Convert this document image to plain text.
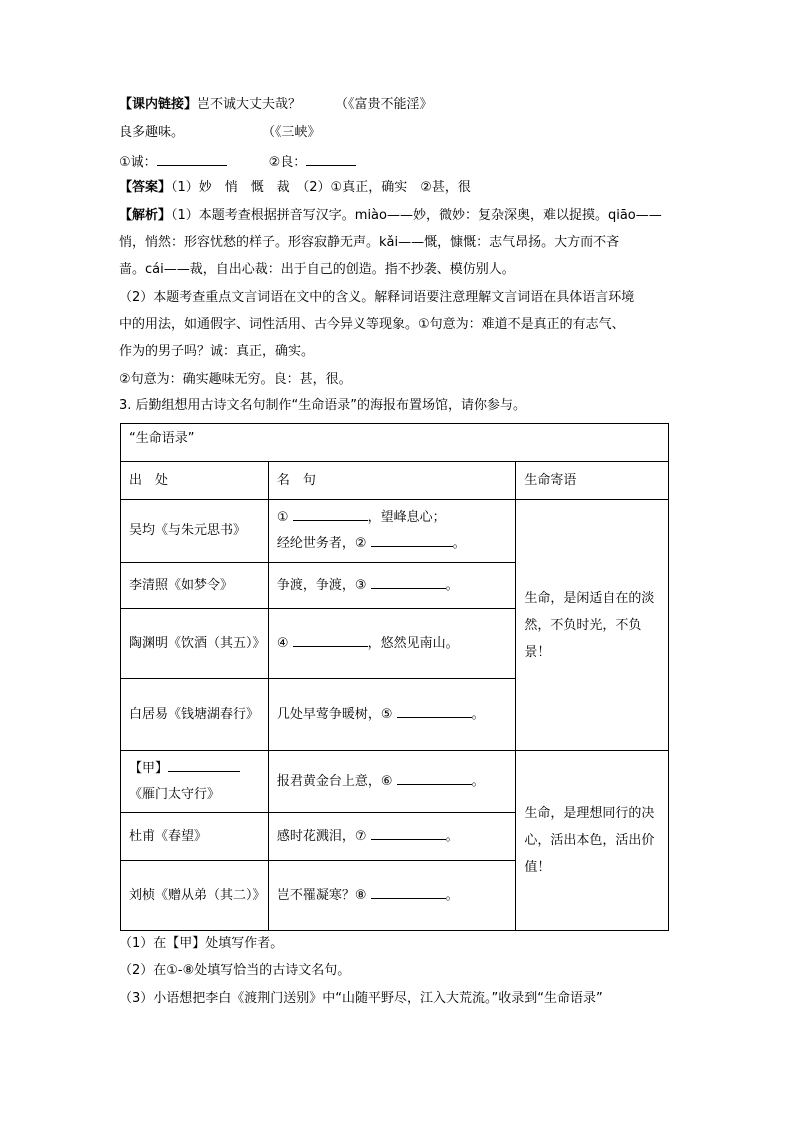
【课内链接】岂不诚大丈夫哉？	（《富贵不能淫》
良多趣味。	（《三峡》
①诚：	②良：
【答案】（1）妙　悄　慨　裁　（2）①真正，确实　②甚，很
【解析】（1）本题考查根据拼音写汉字。miào——妙，微妙：复杂深奥，难以捉摸。qiāo——
悄，悄然：形容忧愁的样子。形容寂静无声。kǎi——慨，慷慨：志气昂扬。大方而不吝
啬。cái——裁，自出心裁：出于自己的创造。指不抄袭、模仿别人。
（2）本题考查重点文言词语在文中的含义。解释词语要注意理解文言词语在具体语言环境
中的用法，如通假字、词性活用、古今异义等现象。①句意为：难道不是真正的有志气、
作为的男子吗？诚：真正，确实。
②句意为：确实趣味无穷。良：甚，很。
3. 后勤组想用古诗文名句制作“生命语录”的海报布置场馆，请你参与。
“生命语录”		
出　处	名　句	生命寄语
吴均《与朱元思书》	① ，望峰息心；
经纶世务者，② 。	生命，是闲适自在的淡然，不负时光，不负景！
李清照《如梦令》	争渡，争渡，③ 。	
陶渊明《饮酒（其五）》	④ ，悠然见南山。	
白居易《钱塘湖春行》	几处早莺争暖树，⑤ 。	

【甲】
《雁门太守行》	报君黄金台上意，⑥ 。	生命，是理想同行的决心，活出本色，活出价值！
杜甫《春望》	感时花溅泪，⑦ 。	
刘桢《赠从弟（其二）》	岂不罹凝寒？⑧ 。	
（1）在【甲】处填写作者。
（2）在①-⑧处填写恰当的古诗文名句。
（3）小语想把李白《渡荆门送别》中“山随平野尽，江入大荒流。”收录到“生命语录”
